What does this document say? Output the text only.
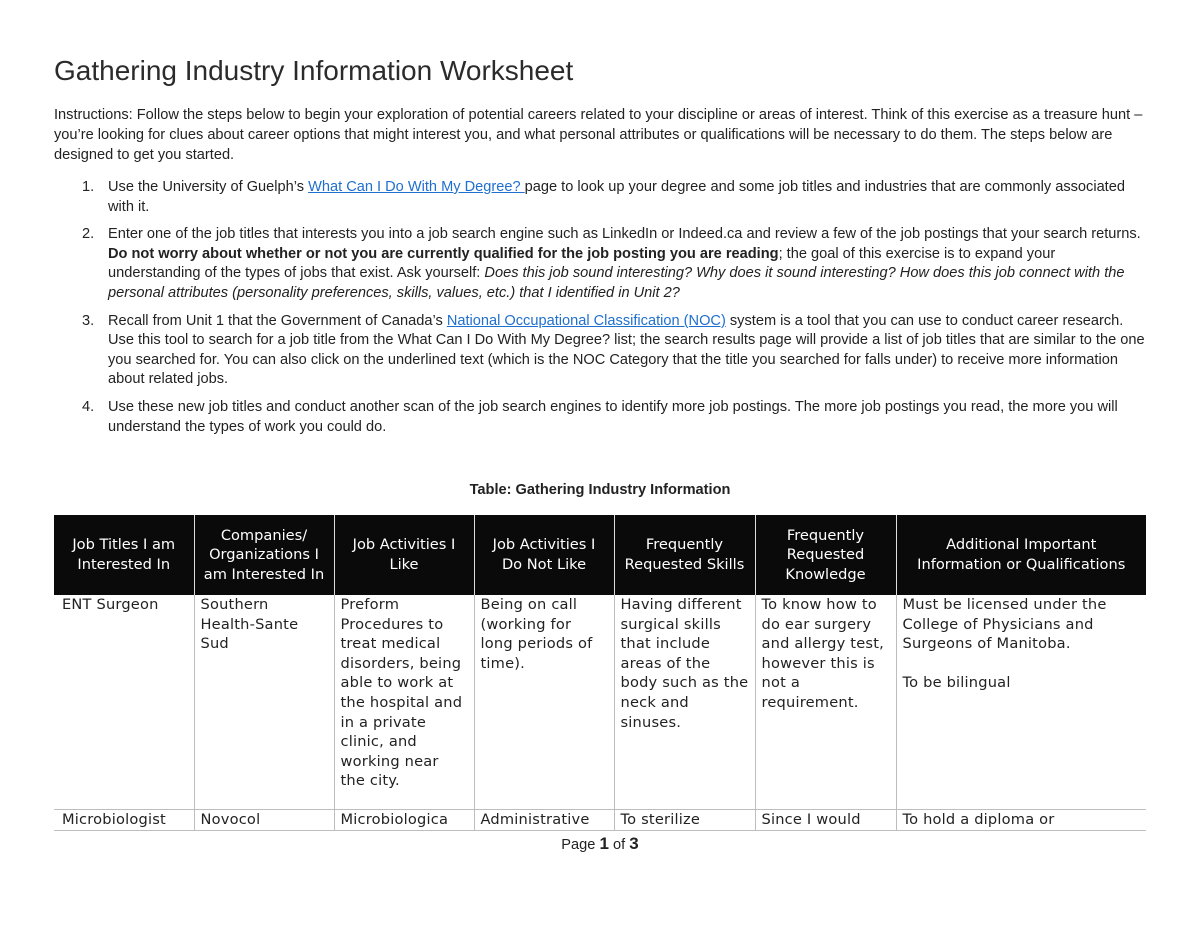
Gathering Industry Information Worksheet

Instructions: Follow the steps below to begin your exploration of potential careers related to your discipline or areas of interest. Think of this exercise as a treasure hunt – you’re looking for clues about career options that might interest you, and what personal attributes or qualifications will be necessary to do them. The steps below are designed to get you started.

1. Use the University of Guelph’s What Can I Do With My Degree? page to look up your degree and some job titles and industries that are commonly associated with it.
2. Enter one of the job titles that interests you into a job search engine such as LinkedIn or Indeed.ca and review a few of the job postings that your search returns. Do not worry about whether or not you are currently qualified for the job posting you are reading; the goal of this exercise is to expand your understanding of the types of jobs that exist. Ask yourself: Does this job sound interesting? Why does it sound interesting? How does this job connect with the personal attributes (personality preferences, skills, values, etc.) that I identified in Unit 2?
3. Recall from Unit 1 that the Government of Canada’s National Occupational Classification (NOC) system is a tool that you can use to conduct career research. Use this tool to search for a job title from the What Can I Do With My Degree? list; the search results page will provide a list of job titles that are similar to the one you searched for. You can also click on the underlined text (which is the NOC Category that the title you searched for falls under) to receive more information about related jobs.
4. Use these new job titles and conduct another scan of the job search engines to identify more job postings. The more job postings you read, the more you will understand the types of work you could do.
Table: Gathering Industry Information
Job Titles I am Interested In	Companies/ Organizations I am Interested In	Job Activities I Like	Job Activities I Do Not Like	Frequently Requested Skills	Frequently Requested Knowledge	Additional Important Information or Qualifications
ENT Surgeon	Southern Health-Sante Sud	Preform Procedures to treat medical disorders, being able to work at the hospital and in a private clinic, and working near the city.	Being on call (working for long periods of time).	Having different surgical skills that include areas of the body such as the neck and sinuses.	To know how to do ear surgery and allergy test, however this is not a requirement.	Must be licensed under the College of Physicians and Surgeons of Manitoba.
To be bilingual
Microbiologist	Novocol	Microbiologica	Administrative	To sterilize	Since I would	To hold a diploma or
Page 1 of 3
